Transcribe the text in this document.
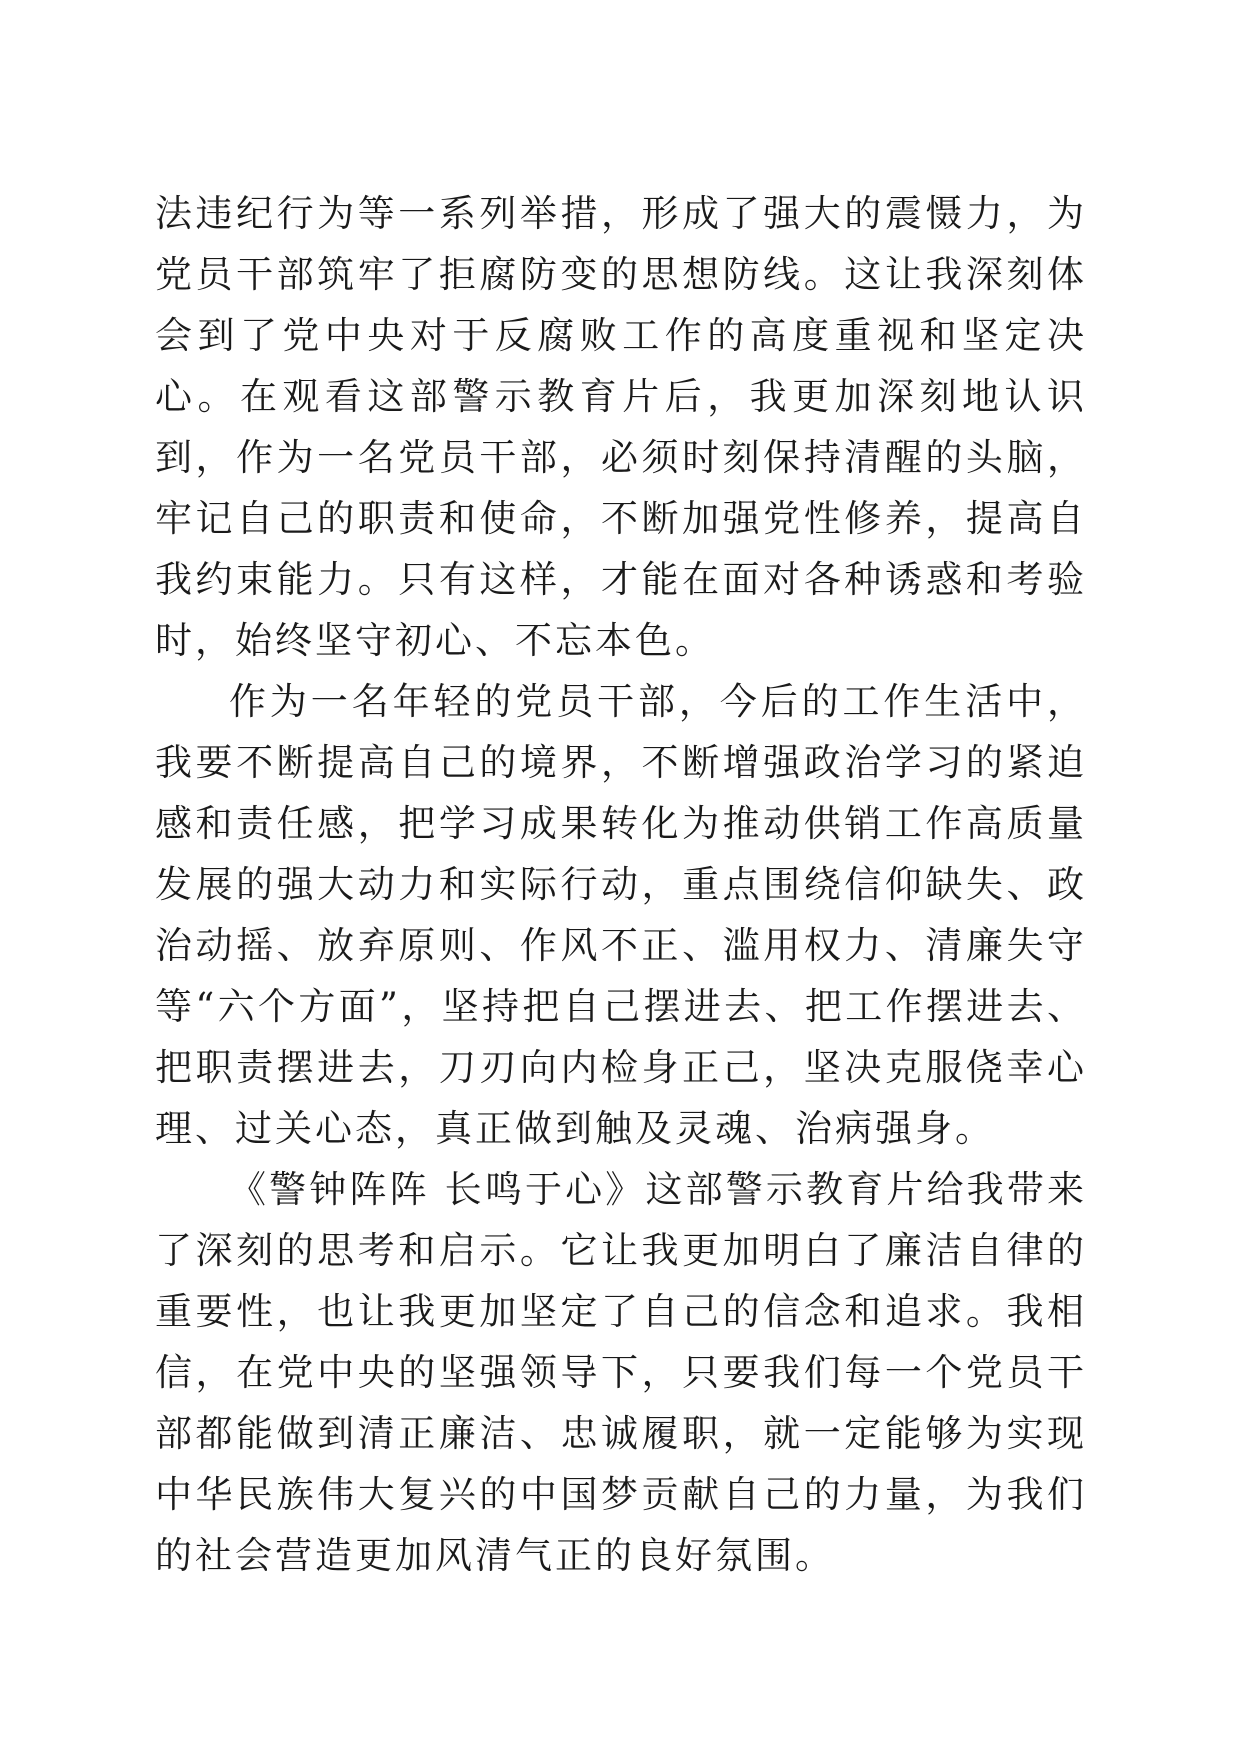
法违纪行为等一系列举措，形成了强大的震慑力，为党员干部筑牢了拒腐防变的思想防线。这让我深刻体会到了党中央对于反腐败工作的高度重视和坚定决心。在观看这部警示教育片后，我更加深刻地认识到，作为一名党员干部，必须时刻保持清醒的头脑，牢记自己的职责和使命，不断加强党性修养，提高自我约束能力。只有这样，才能在面对各种诱惑和考验时，始终坚守初心、不忘本色。

作为一名年轻的党员干部，今后的工作生活中，我要不断提高自己的境界，不断增强政治学习的紧迫感和责任感，把学习成果转化为推动供销工作高质量发展的强大动力和实际行动，重点围绕信仰缺失、政治动摇、放弃原则、作风不正、滥用权力、清廉失守等“六个方面”，坚持把自己摆进去、把工作摆进去、把职责摆进去，刀刃向内检身正己，坚决克服侥幸心理、过关心态，真正做到触及灵魂、治病强身。

《警钟阵阵 长鸣于心》这部警示教育片给我带来了深刻的思考和启示。它让我更加明白了廉洁自律的重要性，也让我更加坚定了自己的信念和追求。我相信，在党中央的坚强领导下，只要我们每一个党员干部都能做到清正廉洁、忠诚履职，就一定能够为实现中华民族伟大复兴的中国梦贡献自己的力量，为我们的社会营造更加风清气正的良好氛围。
